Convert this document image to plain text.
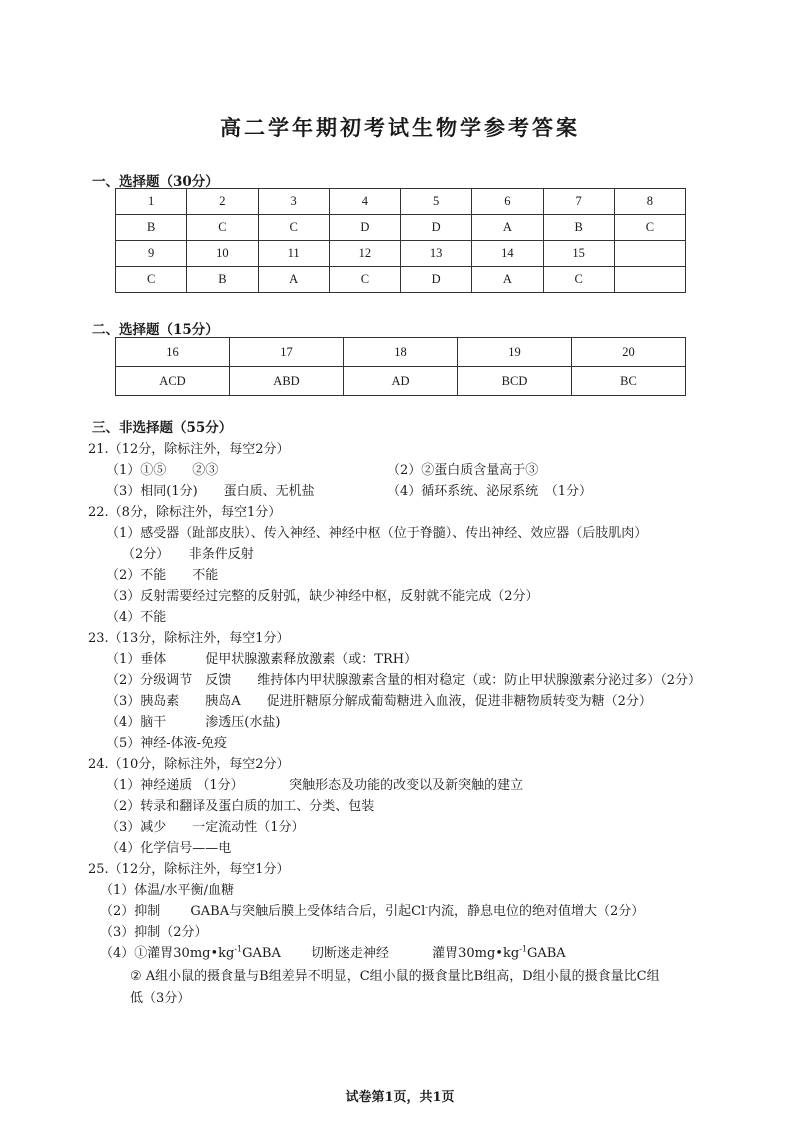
高二学年期初考试生物学参考答案
一、选择题（30分）
1	2	3	4	5	6	7	8
B	C	C	D	D	A	B	C
9	10	11	12	13	14	15	
C	B	A	C	D	A	C	
二、选择题（15分）
16	17	18	19	20
ACD	ABD	AD	BCD	BC
三、非选择题（55分）
21.（12分，除标注外，每空2分）
（1）①⑤　　②③	（2）②蛋白质含量高于③
（3）相同(1分)　　蛋白质、无机盐	（4）循环系统、泌尿系统　（1分）
22.（8分，除标注外，每空1分）
（1）感受器（趾部皮肤）、传入神经、神经中枢（位于脊髓）、传出神经、效应器（后肢肌肉）
（2分）　　非条件反射
（2）不能　　不能
（3）反射需要经过完整的反射弧，缺少神经中枢，反射就不能完成（2分）
（4）不能
23.（13分，除标注外，每空1分）
（1）垂体　　　促甲状腺激素释放激素（或：TRH）
（2）分级调节　反馈　　维持体内甲状腺激素含量的相对稳定（或：防止甲状腺激素分泌过多）（2分）
（3）胰岛素　　胰岛A　　促进肝糖原分解成葡萄糖进入血液，促进非糖物质转变为糖（2分）
（4）脑干　　　渗透压(水盐)
（5）神经-体液-免疫
24.（10分，除标注外，每空2分）
（1）神经递质 （1分）　　　　突触形态及功能的改变以及新突触的建立
（2）转录和翻译及蛋白质的加工、分类、包装
（3）减少　　一定流动性（1分）
（4）化学信号——电
25.（12分，除标注外，每空1分）
（1）体温/水平衡/血糖
（2）抑制　　 GABA与突触后膜上受体结合后，引起Cl-内流，静息电位的绝对值增大（2分）
（3）抑制（2分）
（4）①灌胃$30mg•kg^{-1}GABA$　　 切断迷走神经　　　 灌胃$30mg•kg^{-1}GABA$
② A组小鼠的摄食量与B组差异不明显，C组小鼠的摄食量比B组高，D组小鼠的摄食量比C组
低（3分）
试卷第1页，共1页
